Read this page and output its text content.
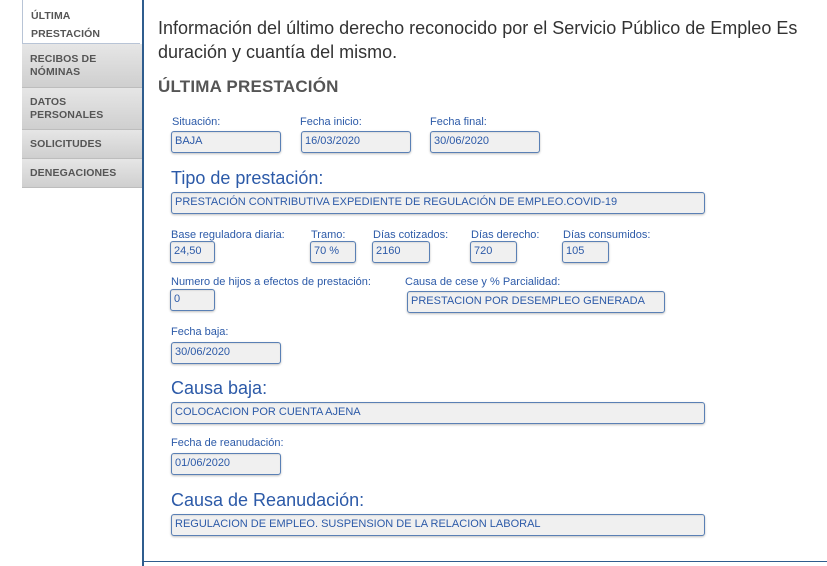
ÚLTIMA
PRESTACIÓN
RECIBOS DE
NÓMINAS
DATOS
PERSONALES
SOLICITUDES
DENEGACIONES
Información del último derecho reconocido por el Servicio Público de Empleo Es
duración y cuantía del mismo.
ÚLTIMA PRESTACIÓN
Situación:
BAJA
Fecha inicio:
16/03/2020
Fecha final:
30/06/2020
Tipo de prestación:
PRESTACIÓN CONTRIBUTIVA EXPEDIENTE DE REGULACIÓN DE EMPLEO.COVID-19
Base reguladora diaria:
24,50
Tramo:
70 %
Días cotizados:
2160
Días derecho:
720
Días consumidos:
105
Numero de hijos a efectos de prestación:
0
Causa de cese y % Parcialidad:
PRESTACION POR DESEMPLEO GENERADA
Fecha baja:
30/06/2020
Causa baja:
COLOCACION POR CUENTA AJENA
Fecha de reanudación:
01/06/2020
Causa de Reanudación:
REGULACION DE EMPLEO. SUSPENSION DE LA RELACION LABORAL
